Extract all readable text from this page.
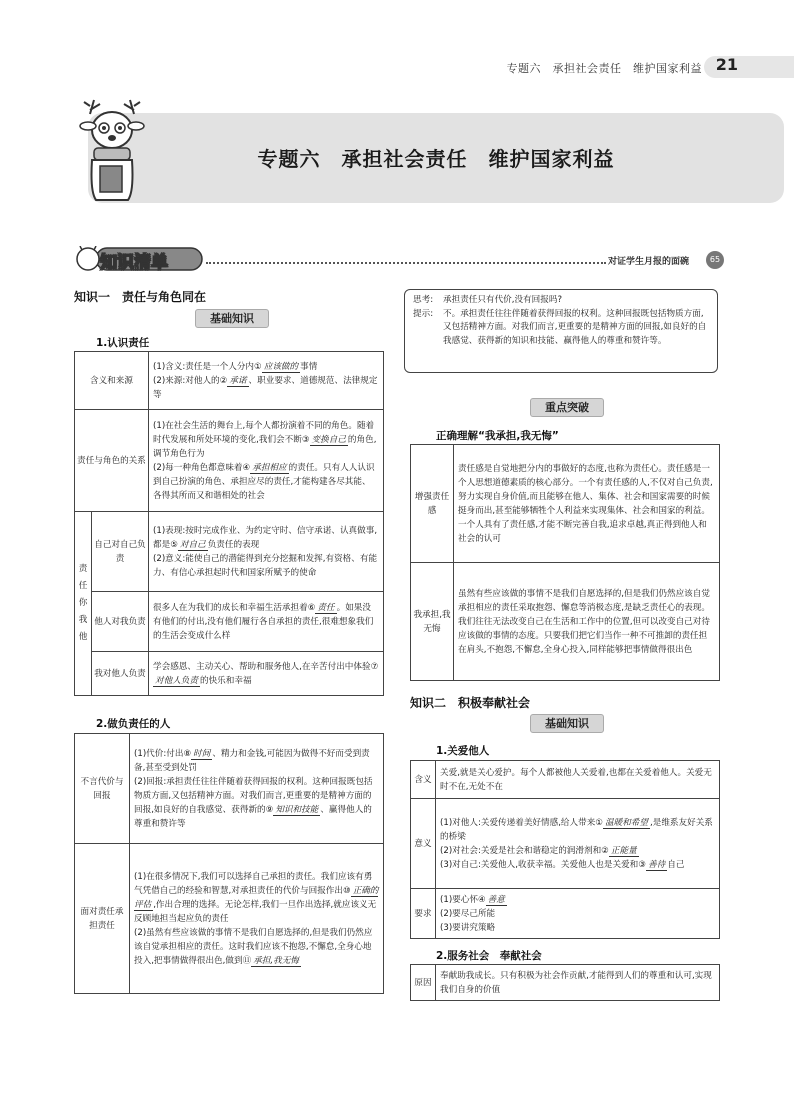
专题六　承担社会责任　维护国家利益 21
专题六　承担社会责任　维护国家利益
知识清单	对证学生月报的面碗	65
知识一　责任与角色同在
基础知识
1.认识责任
含义和来源		(1)含义:责任是一个人分内① 应该做的 事情
(2)来源:对他人的② 承诺 、职业要求、道德规范、法律规定等

责任与角色的关系		(1)在社会生活的舞台上,每个人都扮演着不同的角色。随着时代发展和所处环境的变化,我们会不断③ 变换自己 的角色,调节角色行为
(2)每一种角色都意味着④ 承担相应 的责任。只有人人认识到自己扮演的角色、承担应尽的责任,才能构建各尽其能、各得其所而又和谐相处的社会

责任你我他	自己对自己负责	(1)表现:按时完成作业、为约定守时、信守承诺、认真做事,都是⑤ 对自己 负责任的表现
(2)意义:能使自己的潜能得到充分挖掘和发挥,有资格、有能力、有信心承担起时代和国家所赋予的使命

	他人对我负责	很多人在为我们的成长和幸福生活承担着⑥ 责任 。如果没有他们的付出,没有他们履行各自承担的责任,很难想象我们的生活会变成什么样
	我对他人负责	学会感恩、主动关心、帮助和服务他人,在辛苦付出中体验⑦对他人负责 的快乐和幸福
2.做负责任的人
不言代价与回报	(1)代价:付出⑧ 时间 、精力和金钱,可能因为做得不好而受到责备,甚至受到处罚
(2)回报:承担责任往往伴随着获得回报的权利。这种回报既包括物质方面,又包括精神方面。对我们而言,更重要的是精神方面的回报,如良好的自我感觉、获得新的⑨ 知识和技能 、赢得他人的尊重和赞许等

面对责任承担责任	(1)在很多情况下,我们可以选择自己承担的责任。我们应该有勇气凭借自己的经验和智慧,对承担责任的代价与回报作出⑩ 正确的评估 ,作出合理的选择。无论怎样,我们一旦作出选择,就应该义无反顾地担当起应负的责任
(2)虽然有些应该做的事情不是我们自愿选择的,但是我们仍然应该自觉承担相应的责任。这时我们应该不抱怨,不懈怠,全身心地投入,把事情做得很出色,做到⑪ 承担,我无悔
思考: 承担责任只有代价,没有回报吗?
提示:	不。承担责任往往伴随着获得回报的权利。这种回报既包括物质方面,又包括精神方面。对我们而言,更重要的是精神方面的回报,如良好的自我感觉、获得新的知识和技能、赢得他人的尊重和赞许等。
重点突破
正确理解“我承担,我无悔”
增强责任感	责任感是自觉地把分内的事做好的态度,也称为责任心。责任感是一个人思想道德素质的核心部分。一个有责任感的人,不仅对自己负责,努力实现自身价值,而且能够在他人、集体、社会和国家需要的时候挺身而出,甚至能够牺牲个人利益来实现集体、社会和国家的利益。一个人具有了责任感,才能不断完善自我,追求卓越,真正得到他人和社会的认可
我承担,我无悔	虽然有些应该做的事情不是我们自愿选择的,但是我们仍然应该自觉承担相应的责任采取抱怨、懈怠等消极态度,是缺乏责任心的表现。我们往往无法改变自己在生活和工作中的位置,但可以改变自己对待应该做的事情的态度。只要我们把它们当作一种不可推卸的责任担在肩头,不抱怨,不懈怠,全身心投入,同样能够把事情做得很出色
知识二　积极奉献社会
基础知识
1.关爱他人
含义	关爱,就是关心爱护。每个人都被他人关爱着,也都在关爱着他人。关爱无时不在,无处不在
意义	(1)对他人:关爱传递着美好情感,给人带来① 温暖和希望 ,是维系友好关系的桥梁
(2)对社会:关爱是社会和谐稳定的润滑剂和② 正能量
(3)对自己:关爱他人,收获幸福。关爱他人也是关爱和③ 善待 自己

要求	(1)要心怀④ 善意
(2)要尽己所能
(3)要讲究策略
2.服务社会　奉献社会
原因	奉献助我成长。只有积极为社会作贡献,才能得到人们的尊重和认可,实现我们自身的价值
